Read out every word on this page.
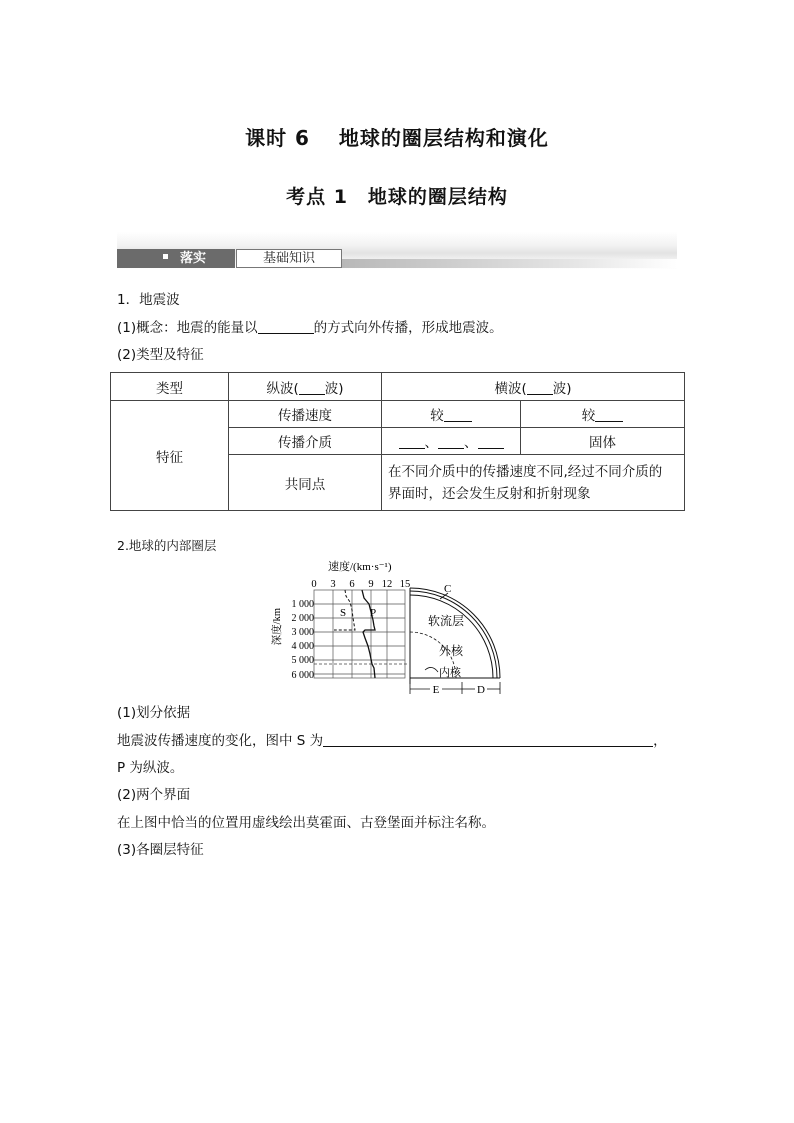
课时 6　 地球的圈层结构和演化
考点 1　地球的圈层结构
落实	基础知识
1．地震波
(1)概念：地震的能量以	的方式向外传播，形成地震波。
(2)类型及特征
类型	纵波( 波)	横波( 波)	
特征	传播速度	较	较
	传播介质	、 、	固体
	共同点	在不同介质中的传播速度不同,经过不同介质的
界面时，还会发生反射和折射现象	
2.地球的内部圈层
速度/(km·s⁻¹)
0 3 6 9 12 15
深度/km
1 000
2 000
3 000
4 000
5 000
6 000
S P
C
软流层
外核
内核
E	D
(1)划分依据
地震波传播速度的变化，图中 S 为	，
P 为纵波。
(2)两个界面
在上图中恰当的位置用虚线绘出莫霍面、古登堡面并标注名称。
(3)各圈层特征
